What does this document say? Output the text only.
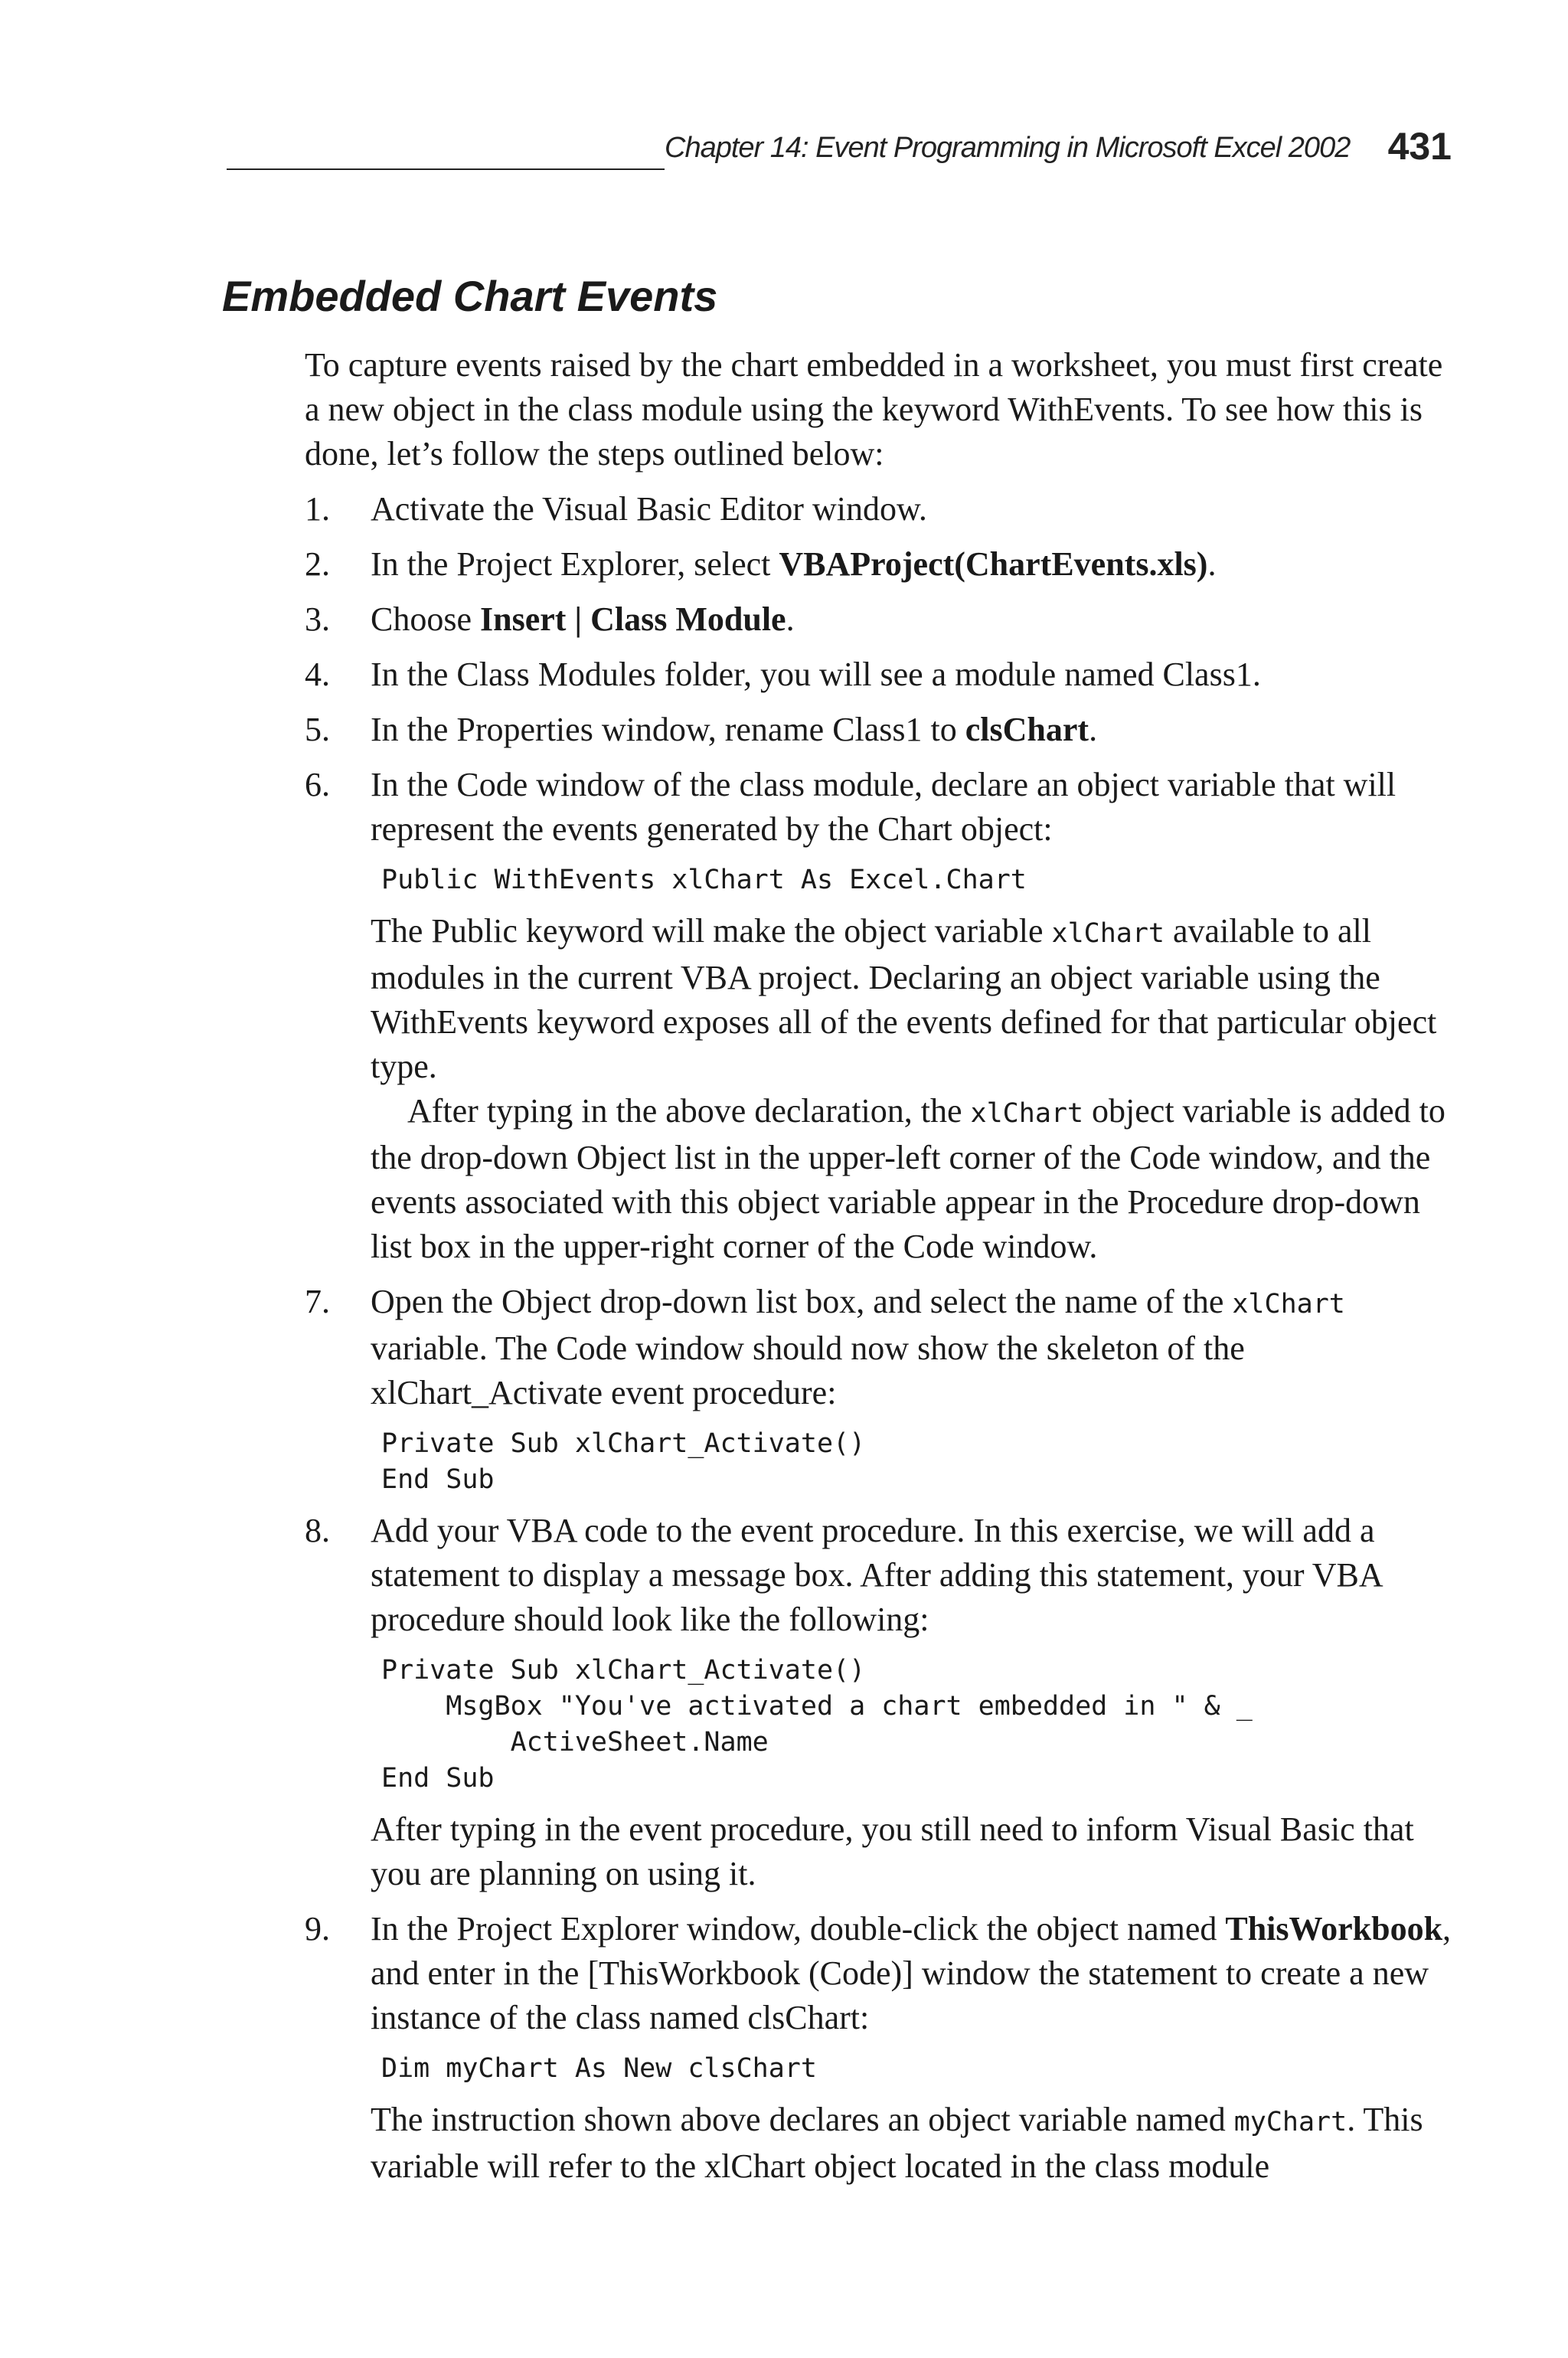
Chapter 14: Event Programming in Microsoft Excel 2002 431
Embedded Chart Events

To capture events raised by the chart embedded in a worksheet, you must first create a new object in the class module using the keyword WithEvents. To see how this is done, let’s follow the steps outlined below:

1. Activate the Visual Basic Editor window.

2. In the Project Explorer, select VBAProject(ChartEvents.xls).

3. Choose Insert | Class Module.

4. In the Class Modules folder, you will see a module named Class1.

5. In the Properties window, rename Class1 to clsChart.

6. In the Code window of the class module, declare an object variable that will represent the events generated by the Chart object:

Public WithEvents xlChart As Excel.Chart

The Public keyword will make the object variable xlChart available to all modules in the current VBA project. Declaring an object variable using the WithEvents keyword exposes all of the events defined for that particular object type.

After typing in the above declaration, the xlChart object variable is added to the drop-down Object list in the upper-left corner of the Code window, and the events associated with this object variable appear in the Procedure drop-down list box in the upper-right corner of the Code window.

7. Open the Object drop-down list box, and select the name of the xlChart variable. The Code window should now show the skeleton of the xlChart_Activate event procedure:

Private Sub xlChart_Activate()
End Sub
8. Add your VBA code to the event procedure. In this exercise, we will add a statement to display a message box. After adding this statement, your VBA procedure should look like the following:

Private Sub xlChart_Activate()
MsgBox "You've activated a chart embedded in " & _
ActiveSheet.Name
End Sub

After typing in the event procedure, you still need to inform Visual Basic that you are planning on using it.

9. In the Project Explorer window, double-click the object named ThisWorkbook, and enter in the [ThisWorkbook (Code)] window the statement to create a new instance of the class named clsChart:

Dim myChart As New clsChart

The instruction shown above declares an object variable named myChart. This variable will refer to the xlChart object located in the class module
